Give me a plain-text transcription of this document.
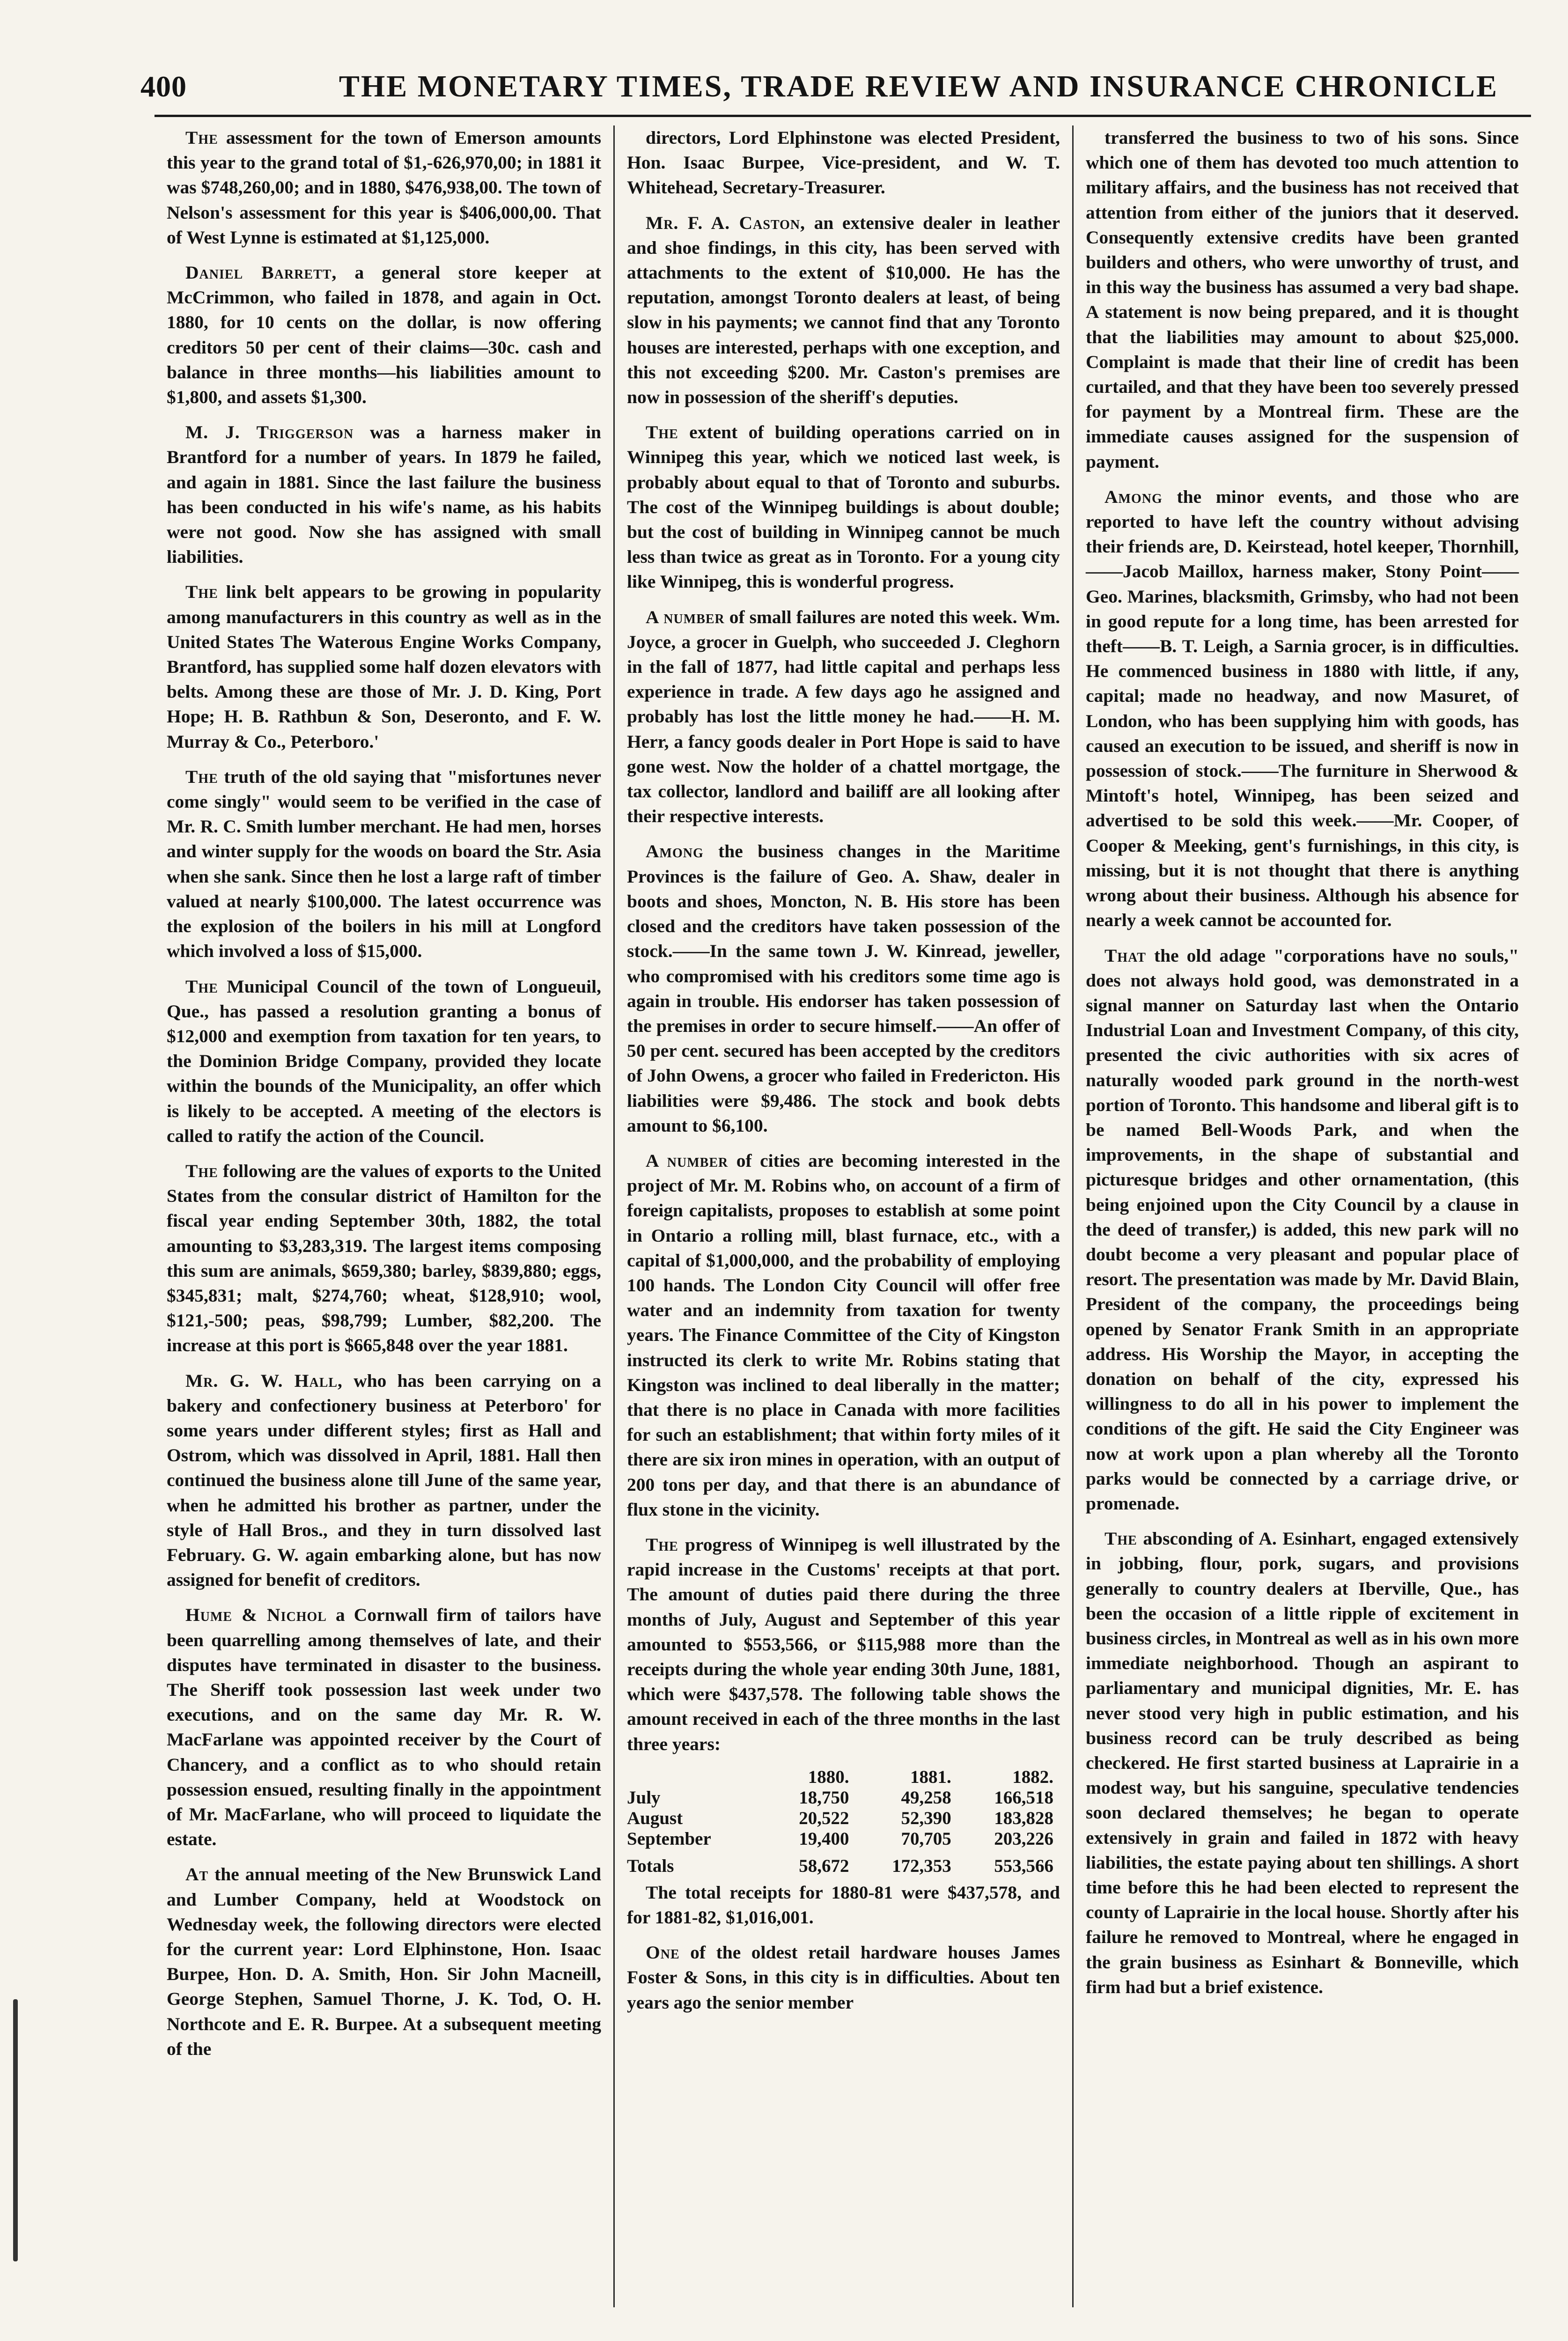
400	THE MONETARY TIMES, TRADE REVIEW AND INSURANCE CHRONICLE

The assessment for the town of Emerson amounts this year to the grand total of $1,-626,970,00; in 1881 it was $748,260,00; and in 1880, $476,938,00. The town of Nelson's assessment for this year is $406,000,00. That of West Lynne is estimated at $1,125,000.

Daniel Barrett, a general store keeper at McCrimmon, who failed in 1878, and again in Oct. 1880, for 10 cents on the dollar, is now offering creditors 50 per cent of their claims—30c. cash and balance in three months—his liabilities amount to $1,800, and assets $1,300.

M. J. Triggerson was a harness maker in Brantford for a number of years. In 1879 he failed, and again in 1881. Since the last failure the business has been conducted in his wife's name, as his habits were not good. Now she has assigned with small liabilities.

The link belt appears to be growing in popularity among manufacturers in this country as well as in the United States The Waterous Engine Works Company, Brantford, has supplied some half dozen elevators with belts. Among these are those of Mr. J. D. King, Port Hope; H. B. Rathbun & Son, Deseronto, and F. W. Murray & Co., Peterboro.'

The truth of the old saying that "misfortunes never come singly" would seem to be verified in the case of Mr. R. C. Smith lumber merchant. He had men, horses and winter supply for the woods on board the Str. Asia when she sank. Since then he lost a large raft of timber valued at nearly $100,000. The latest occurrence was the explosion of the boilers in his mill at Longford which involved a loss of $15,000.

The Municipal Council of the town of Longueuil, Que., has passed a resolution granting a bonus of $12,000 and exemption from taxation for ten years, to the Dominion Bridge Company, provided they locate within the bounds of the Municipality, an offer which is likely to be accepted. A meeting of the electors is called to ratify the action of the Council.

The following are the values of exports to the United States from the consular district of Hamilton for the fiscal year ending September 30th, 1882, the total amounting to $3,283,319. The largest items composing this sum are animals, $659,380; barley, $839,880; eggs, $345,831; malt, $274,760; wheat, $128,910; wool, $121,-500; peas, $98,799; Lumber, $82,200. The increase at this port is $665,848 over the year 1881.

Mr. G. W. Hall, who has been carrying on a bakery and confectionery business at Peterboro' for some years under different styles; first as Hall and Ostrom, which was dissolved in April, 1881. Hall then continued the business alone till June of the same year, when he admitted his brother as partner, under the style of Hall Bros., and they in turn dissolved last February. G. W. again embarking alone, but has now assigned for benefit of creditors.

Hume & Nichol a Cornwall firm of tailors have been quarrelling among themselves of late, and their disputes have terminated in disaster to the business. The Sheriff took possession last week under two executions, and on the same day Mr. R. W. MacFarlane was appointed receiver by the Court of Chancery, and a conflict as to who should retain possession ensued, resulting finally in the appointment of Mr. MacFarlane, who will proceed to liquidate the estate.

At the annual meeting of the New Brunswick Land and Lumber Company, held at Woodstock on Wednesday week, the following directors were elected for the current year: Lord Elphinstone, Hon. Isaac Burpee, Hon. D. A. Smith, Hon. Sir John Macneill, George Stephen, Samuel Thorne, J. K. Tod, O. H. Northcote and E. R. Burpee. At a subsequent meeting of the

directors, Lord Elphinstone was elected President, Hon. Isaac Burpee, Vice-president, and W. T. Whitehead, Secretary-Treasurer.

Mr. F. A. Caston, an extensive dealer in leather and shoe findings, in this city, has been served with attachments to the extent of $10,000. He has the reputation, amongst Toronto dealers at least, of being slow in his payments; we cannot find that any Toronto houses are interested, perhaps with one exception, and this not exceeding $200. Mr. Caston's premises are now in possession of the sheriff's deputies.

The extent of building operations carried on in Winnipeg this year, which we noticed last week, is probably about equal to that of Toronto and suburbs. The cost of the Winnipeg buildings is about double; but the cost of building in Winnipeg cannot be much less than twice as great as in Toronto. For a young city like Winnipeg, this is wonderful progress.

A number of small failures are noted this week. Wm. Joyce, a grocer in Guelph, who succeeded J. Cleghorn in the fall of 1877, had little capital and perhaps less experience in trade. A few days ago he assigned and probably has lost the little money he had.——H. M. Herr, a fancy goods dealer in Port Hope is said to have gone west. Now the holder of a chattel mortgage, the tax collector, landlord and bailiff are all looking after their respective interests.

Among the business changes in the Maritime Provinces is the failure of Geo. A. Shaw, dealer in boots and shoes, Moncton, N. B. His store has been closed and the creditors have taken possession of the stock.——In the same town J. W. Kinread, jeweller, who compromised with his creditors some time ago is again in trouble. His endorser has taken possession of the premises in order to secure himself.——An offer of 50 per cent. secured has been accepted by the creditors of John Owens, a grocer who failed in Fredericton. His liabilities were $9,486. The stock and book debts amount to $6,100.

A number of cities are becoming interested in the project of Mr. M. Robins who, on account of a firm of foreign capitalists, proposes to establish at some point in Ontario a rolling mill, blast furnace, etc., with a capital of $1,000,000, and the probability of employing 100 hands. The London City Council will offer free water and an indemnity from taxation for twenty years. The Finance Committee of the City of Kingston instructed its clerk to write Mr. Robins stating that Kingston was inclined to deal liberally in the matter; that there is no place in Canada with more facilities for such an establishment; that within forty miles of it there are six iron mines in operation, with an output of 200 tons per day, and that there is an abundance of flux stone in the vicinity.

The progress of Winnipeg is well illustrated by the rapid increase in the Customs' receipts at that port. The amount of duties paid there during the three months of July, August and September of this year amounted to $553,566, or $115,988 more than the receipts during the whole year ending 30th June, 1881, which were $437,578. The following table shows the amount received in each of the three months in the last three years:

	1880.	1881.	1882.
July	18,750	49,258	166,518
August	20,522	52,390	183,828
September	19,400	70,705	203,226
Totals	58,672	172,353	553,566

The total receipts for 1880-81 were $437,578, and for 1881-82, $1,016,001.

One of the oldest retail hardware houses James Foster & Sons, in this city is in difficulties. About ten years ago the senior member

transferred the business to two of his sons. Since which one of them has devoted too much attention to military affairs, and the business has not received that attention from either of the juniors that it deserved. Consequently extensive credits have been granted builders and others, who were unworthy of trust, and in this way the business has assumed a very bad shape. A statement is now being prepared, and it is thought that the liabilities may amount to about $25,000. Complaint is made that their line of credit has been curtailed, and that they have been too severely pressed for payment by a Montreal firm. These are the immediate causes assigned for the suspension of payment.

Among the minor events, and those who are reported to have left the country without advising their friends are, D. Keirstead, hotel keeper, Thornhill,——Jacob Maillox, harness maker, Stony Point——Geo. Marines, blacksmith, Grimsby, who had not been in good repute for a long time, has been arrested for theft——B. T. Leigh, a Sarnia grocer, is in difficulties. He commenced business in 1880 with little, if any, capital; made no headway, and now Masuret, of London, who has been supplying him with goods, has caused an execution to be issued, and sheriff is now in possession of stock.——The furniture in Sherwood & Mintoft's hotel, Winnipeg, has been seized and advertised to be sold this week.——Mr. Cooper, of Cooper & Meeking, gent's furnishings, in this city, is missing, but it is not thought that there is anything wrong about their business. Although his absence for nearly a week cannot be accounted for.

That the old adage "corporations have no souls," does not always hold good, was demonstrated in a signal manner on Saturday last when the Ontario Industrial Loan and Investment Company, of this city, presented the civic authorities with six acres of naturally wooded park ground in the north-west portion of Toronto. This handsome and liberal gift is to be named Bell-Woods Park, and when the improvements, in the shape of substantial and picturesque bridges and other ornamentation, (this being enjoined upon the City Council by a clause in the deed of transfer,) is added, this new park will no doubt become a very pleasant and popular place of resort. The presentation was made by Mr. David Blain, President of the company, the proceedings being opened by Senator Frank Smith in an appropriate address. His Worship the Mayor, in accepting the donation on behalf of the city, expressed his willingness to do all in his power to implement the conditions of the gift. He said the City Engineer was now at work upon a plan whereby all the Toronto parks would be connected by a carriage drive, or promenade.

The absconding of A. Esinhart, engaged extensively in jobbing, flour, pork, sugars, and provisions generally to country dealers at Iberville, Que., has been the occasion of a little ripple of excitement in business circles, in Montreal as well as in his own more immediate neighborhood. Though an aspirant to parliamentary and municipal dignities, Mr. E. has never stood very high in public estimation, and his business record can be truly described as being checkered. He first started business at Laprairie in a modest way, but his sanguine, speculative tendencies soon declared themselves; he began to operate extensively in grain and failed in 1872 with heavy liabilities, the estate paying about ten shillings. A short time before this he had been elected to represent the county of Laprairie in the local house. Shortly after his failure he removed to Montreal, where he engaged in the grain business as Esinhart & Bonneville, which firm had but a brief existence.
